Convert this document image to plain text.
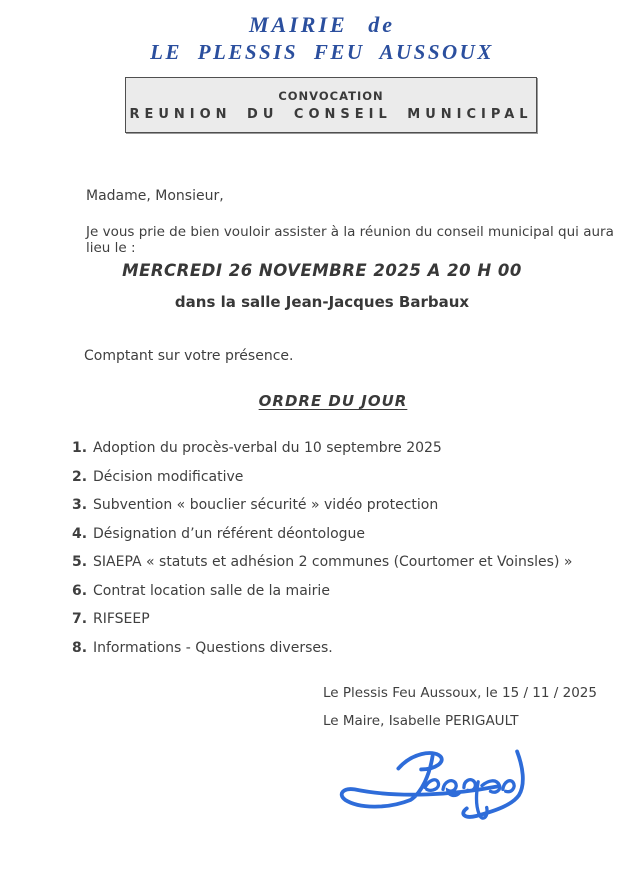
MAIRIE de
LE PLESSIS FEU AUSSOUX
CONVOCATION
REUNION DU CONSEIL MUNICIPAL
Madame, Monsieur,
Je vous prie de bien vouloir assister à la réunion du conseil municipal qui aura lieu le :
MERCREDI 26 NOVEMBRE 2025 A 20 H 00
dans la salle Jean-Jacques Barbaux
Comptant sur votre présence.
ORDRE DU JOUR
1. Adoption du procès-verbal du 10 septembre 2025
2. Décision modificative
3. Subvention « bouclier sécurité » vidéo protection
4. Désignation d’un référent déontologue
5. SIAEPA « statuts et adhésion 2 communes (Courtomer et Voinsles) »
6. Contrat location salle de la mairie
7. RIFSEEP
8. Informations - Questions diverses.
Le Plessis Feu Aussoux, le 15 / 11 / 2025
Le Maire, Isabelle PERIGAULT
